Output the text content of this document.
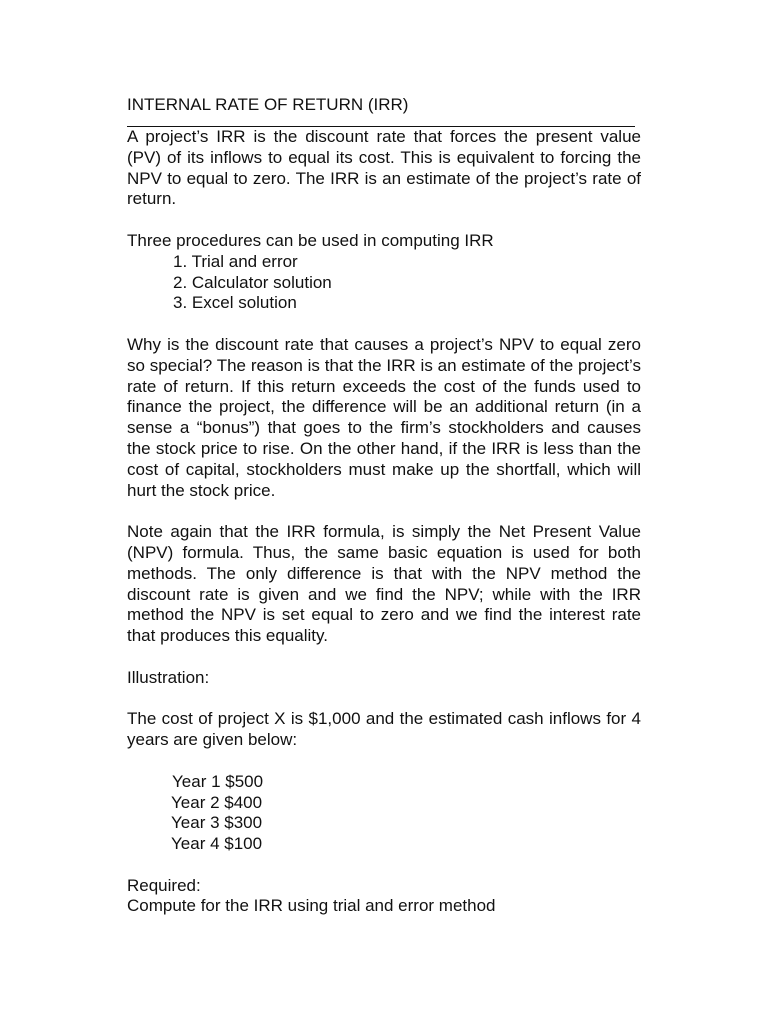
INTERNAL RATE OF RETURN (IRR)

A project’s IRR is the discount rate that forces the present value (PV) of its inflows to equal its cost. This is equivalent to forcing the NPV to equal to zero. The IRR is an estimate of the project’s rate of return.

Three procedures can be used in computing IRR

1. Trial and error
2. Calculator solution
3. Excel solution

Why is the discount rate that causes a project’s NPV to equal zero so special? The reason is that the IRR is an estimate of the project’s rate of return. If this return exceeds the cost of the funds used to finance the project, the difference will be an additional return (in a sense a “bonus”) that goes to the firm’s stockholders and causes the stock price to rise. On the other hand, if the IRR is less than the cost of capital, stockholders must make up the shortfall, which will hurt the stock price.

Note again that the IRR formula, is simply the Net Present Value (NPV) formula. Thus, the same basic equation is used for both methods. The only difference is that with the NPV method the discount rate is given and we find the NPV; while with the IRR method the NPV is set equal to zero and we find the interest rate that produces this equality.

Illustration:

The cost of project X is $1,000 and the estimated cash inflows for 4 years are given below:

Year 1 $500
Year 2 $400
Year 3 $300
Year 4 $100

Required:

Compute for the IRR using trial and error method
